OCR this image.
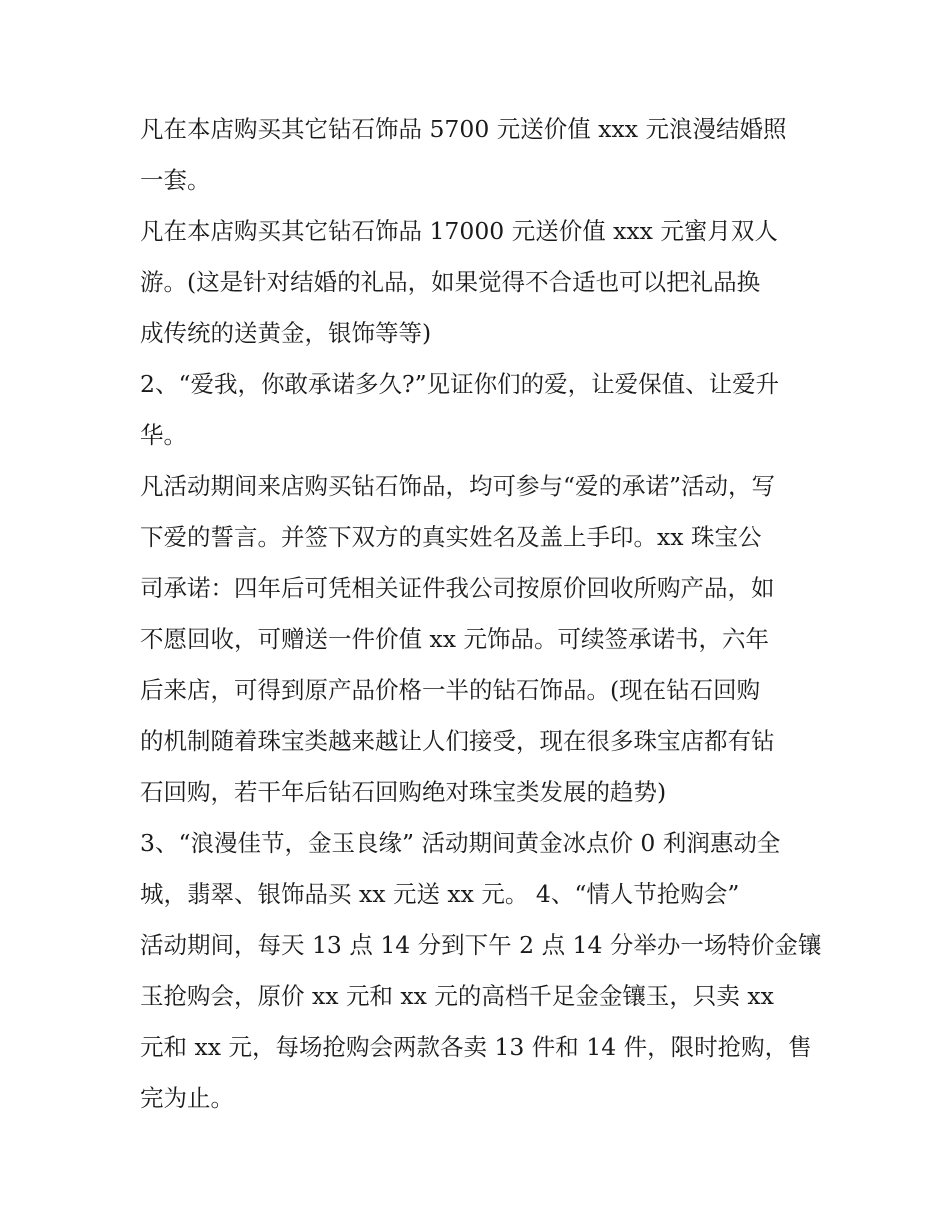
凡在本店购买其它钻石饰品 5700 元送价值 xxx 元浪漫结婚照
一套。
凡在本店购买其它钻石饰品 17000 元送价值 xxx 元蜜月双人
游。(这是针对结婚的礼品，如果觉得不合适也可以把礼品换
成传统的送黄金，银饰等等)
2、“爱我，你敢承诺多久?”见证你们的爱，让爱保值、让爱升
华。
凡活动期间来店购买钻石饰品，均可参与“爱的承诺”活动，写
下爱的誓言。并签下双方的真实姓名及盖上手印。xx 珠宝公
司承诺：四年后可凭相关证件我公司按原价回收所购产品，如
不愿回收，可赠送一件价值 xx 元饰品。可续签承诺书，六年
后来店，可得到原产品价格一半的钻石饰品。(现在钻石回购
的机制随着珠宝类越来越让人们接受，现在很多珠宝店都有钻
石回购，若干年后钻石回购绝对珠宝类发展的趋势)
3、“浪漫佳节，金玉良缘” 活动期间黄金冰点价 0 利润惠动全
城，翡翠、银饰品买 xx 元送 xx 元。 4、“情人节抢购会”
活动期间，每天 13 点 14 分到下午 2 点 14 分举办一场特价金镶
玉抢购会，原价 xx 元和 xx 元的高档千足金金镶玉，只卖 xx
元和 xx 元，每场抢购会两款各卖 13 件和 14 件，限时抢购，售
完为止。
